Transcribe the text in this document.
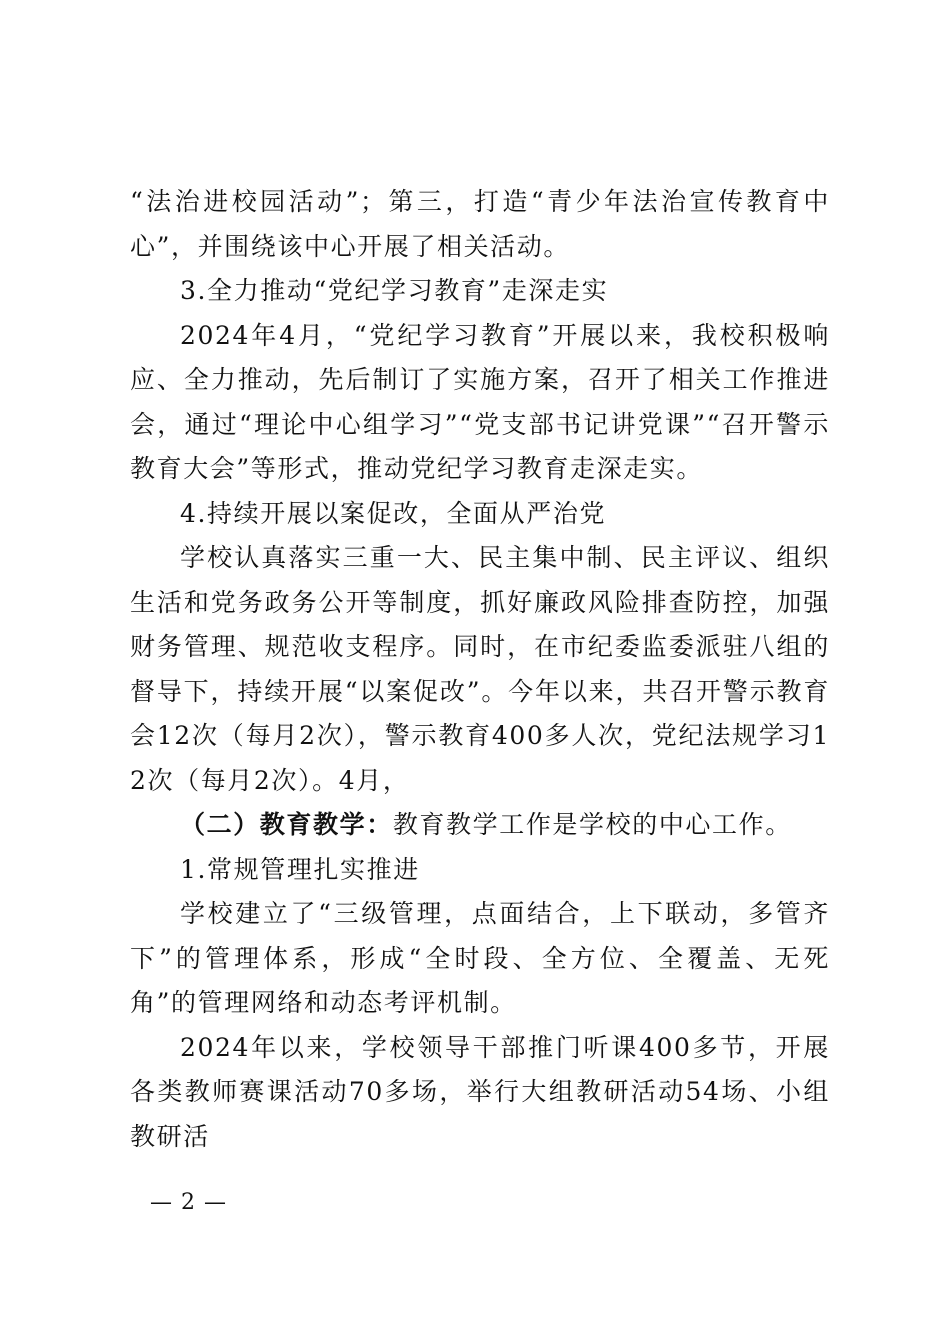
“法治进校园活动”；第三，打造“青少年法治宣传教育中心”，并围绕该中心开展了相关活动。

3.全力推动“党纪学习教育”走深走实

2024年4月，“党纪学习教育”开展以来，我校积极响应、全力推动，先后制订了实施方案，召开了相关工作推进会，通过“理论中心组学习”“党支部书记讲党课”“召开警示教育大会”等形式，推动党纪学习教育走深走实。

4.持续开展以案促改，全面从严治党

学校认真落实三重一大、民主集中制、民主评议、组织生活和党务政务公开等制度，抓好廉政风险排查防控，加强财务管理、规范收支程序。同时，在市纪委监委派驻八组的督导下，持续开展“以案促改”。今年以来，共召开警示教育会12次（每月2次），警示教育400多人次，党纪法规学习12次（每月2次）。4月，

（二）教育教学：教育教学工作是学校的中心工作。

1.常规管理扎实推进

学校建立了“三级管理，点面结合，上下联动，多管齐下”的管理体系，形成“全时段、全方位、全覆盖、无死角”的管理网络和动态考评机制。

2024年以来，学校领导干部推门听课400多节，开展各类教师赛课活动70多场，举行大组教研活动54场、小组教研活

— 2 —
